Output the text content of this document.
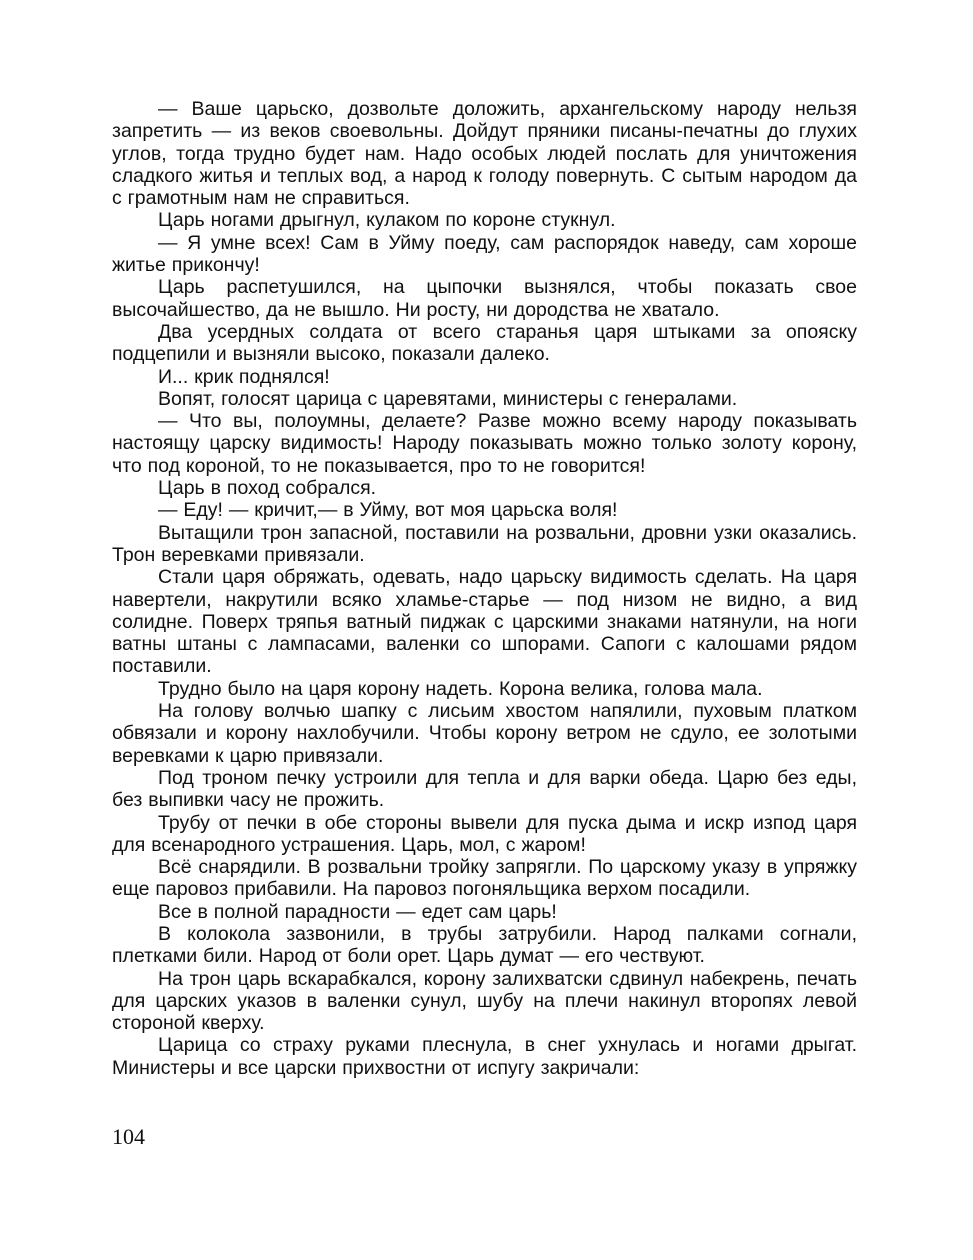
— Ваше царьско, дозвольте доложить, архангельскому народу нельзя запретить — из веков своевольны. Дойдут пряники писаны-печатны до глухих углов, тогда трудно будет нам. Надо особых людей послать для уничтожения сладкого житья и теплых вод, а народ к голоду повернуть. С сытым народом да с грамотным нам не справиться.

Царь ногами дрыгнул, кулаком по короне стукнул.

— Я умне всех! Сам в Уйму поеду, сам распорядок наведу, сам хороше житье прикончу!

Царь распетушился, на цыпочки вызнялся, чтобы показать свое высочайшество, да не вышло. Ни росту, ни дородства не хватало.

Два усердных солдата от всего старанья царя штыками за опояску подцепили и вызняли высоко, показали далеко.

И... крик поднялся!

Вопят, голосят царица с царевятами, министеры с генералами.

— Что вы, полоумны, делаете? Разве можно всему народу показывать настоящу царску видимость! Народу показывать можно только золоту корону, что под короной, то не показывается, про то не говорится!

Царь в поход собрался.

— Еду! — кричит,— в Уйму, вот моя царьска воля!

Вытащили трон запасной, поставили на розвальни, дровни узки оказались. Трон веревками привязали.

Стали царя обряжать, одевать, надо царьску видимость сделать. На царя навертели, накрутили всяко хламье-старье — под низом не видно, а вид солидне. Поверх тряпья ватный пиджак с царскими знаками натянули, на ноги ватны штаны с лампасами, валенки со шпорами. Сапоги с калошами рядом поставили.

Трудно было на царя корону надеть. Корона велика, голова мала.

На голову волчью шапку с лисьим хвостом напялили, пуховым платком обвязали и корону нахлобучили. Чтобы корону ветром не сдуло, ее золотыми веревками к царю привязали.

Под троном печку устроили для тепла и для варки обеда. Царю без еды, без выпивки часу не прожить.

Трубу от печки в обе стороны вывели для пуска дыма и искр изпод царя для всенародного устрашения. Царь, мол, с жаром!

Всё снарядили. В розвальни тройку запрягли. По царскому указу в упряжку еще паровоз прибавили. На паровоз погоняльщика верхом посадили.

Все в полной парадности — едет сам царь!

В колокола зазвонили, в трубы затрубили. Народ палками согнали, плетками били. Народ от боли орет. Царь думат — его чествуют.

На трон царь вскарабкался, корону залихватски сдвинул набекрень, печать для царских указов в валенки сунул, шубу на плечи накинул второпях левой стороной кверху.

Царица со страху руками плеснула, в снег ухнулась и ногами дрыгат. Министеры и все царски прихвостни от испугу закричали:

104
